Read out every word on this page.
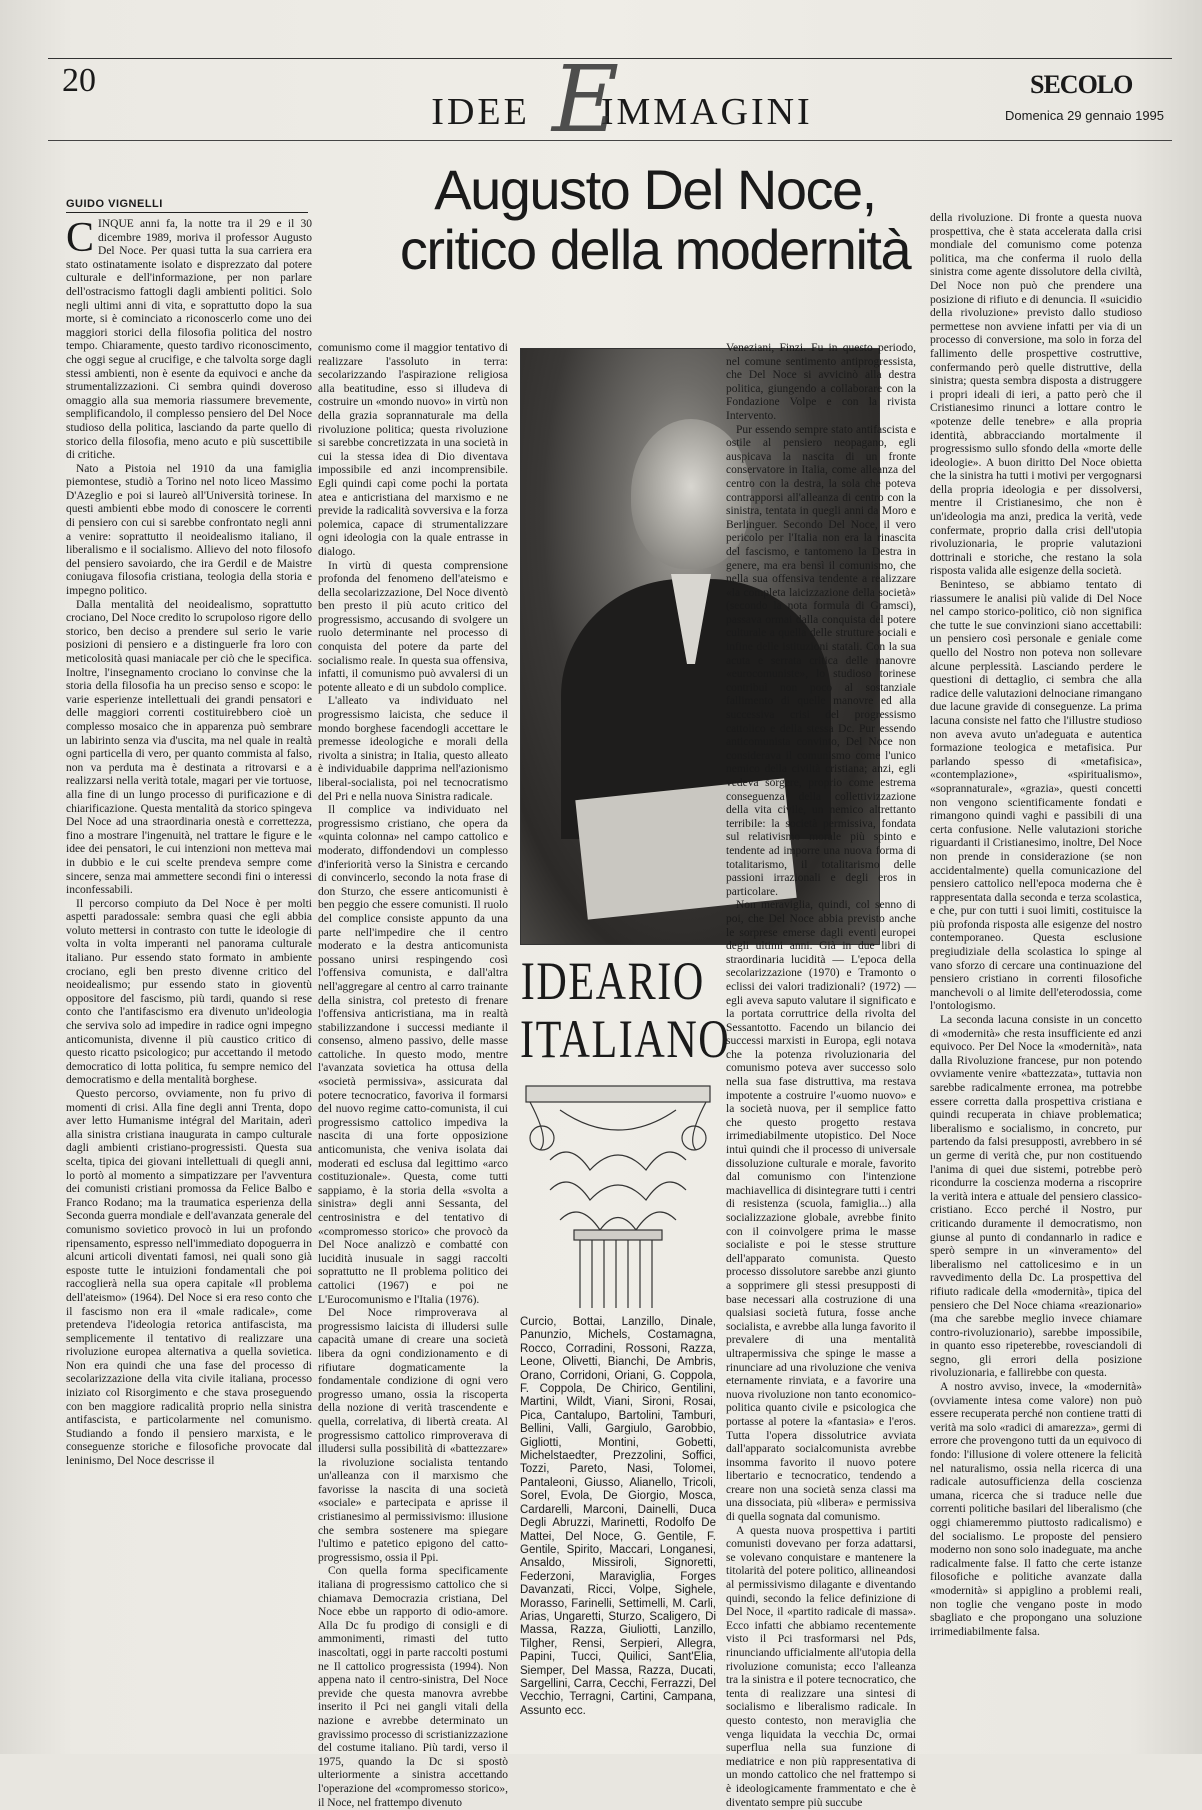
20
IDEE IMMAGINI
E	SECOLO
Domenica 29 gennaio 1995
Augusto Del Noce,
critico della modernità
GUIDO VIGNELLI

CINQUE anni fa, la notte tra il 29 e il 30 dicembre 1989, moriva il professor Augusto Del Noce. Per quasi tutta la sua carriera era stato ostinatamente isolato e disprezzato dal potere culturale e dell'informazione, per non parlare dell'ostracismo fattogli dagli ambienti politici. Solo negli ultimi anni di vita, e soprattutto dopo la sua morte, si è cominciato a riconoscerlo come uno dei maggiori storici della filosofia politica del nostro tempo. Chiaramente, questo tardivo riconoscimento, che oggi segue al crucifige, e che talvolta sorge dagli stessi ambienti, non è esente da equivoci e anche da strumentalizzazioni. Ci sembra quindi doveroso omaggio alla sua memoria riassumere brevemente, semplificandolo, il complesso pensiero del Del Noce studioso della politica, lasciando da parte quello di storico della filosofia, meno acuto e più suscettibile di critiche.

Nato a Pistoia nel 1910 da una famiglia piemontese, studiò a Torino nel noto liceo Massimo D'Azeglio e poi si laureò all'Università torinese. In questi ambienti ebbe modo di conoscere le correnti di pensiero con cui si sarebbe confrontato negli anni a venire: soprattutto il neoidealismo italiano, il liberalismo e il socialismo. Allievo del noto filosofo del pensiero savoiardo, che ira Gerdil e de Maistre coniugava filosofia cristiana, teologia della storia e impegno politico.

Dalla mentalità del neoidealismo, soprattutto crociano, Del Noce credito lo scrupoloso rigore dello storico, ben deciso a prendere sul serio le varie posizioni di pensiero e a distinguerle fra loro con meticolosità quasi maniacale per ciò che le specifica. Inoltre, l'insegnamento crociano lo convinse che la storia della filosofia ha un preciso senso e scopo: le varie esperienze intellettuali dei grandi pensatori e delle maggiori correnti costituirebbero cioè un complesso mosaico che in apparenza può sembrare un labirinto senza via d'uscita, ma nel quale in realtà ogni particella di vero, per quanto commista al falso, non va perduta ma è destinata a ritrovarsi e a realizzarsi nella verità totale, magari per vie tortuose, alla fine di un lungo processo di purificazione e di chiarificazione. Questa mentalità da storico spingeva Del Noce ad una straordinaria onestà e correttezza, fino a mostrare l'ingenuità, nel trattare le figure e le idee dei pensatori, le cui intenzioni non metteva mai in dubbio e le cui scelte prendeva sempre come sincere, senza mai ammettere secondi fini o interessi inconfessabili.

Il percorso compiuto da Del Noce è per molti aspetti paradossale: sembra quasi che egli abbia voluto mettersi in contrasto con tutte le ideologie di volta in volta imperanti nel panorama culturale italiano. Pur essendo stato formato in ambiente crociano, egli ben presto divenne critico del neoidealismo; pur essendo stato in gioventù oppositore del fascismo, più tardi, quando si rese conto che l'antifascismo era divenuto un'ideologia che serviva solo ad impedire in radice ogni impegno anticomunista, divenne il più caustico critico di questo ricatto psicologico; pur accettando il metodo democratico di lotta politica, fu sempre nemico del democratismo e della mentalità borghese.

Questo percorso, ovviamente, non fu privo di momenti di crisi. Alla fine degli anni Trenta, dopo aver letto Humanisme intégral del Maritain, aderì alla sinistra cristiana inaugurata in campo culturale dagli ambienti cristiano-progressisti. Questa sua scelta, tipica dei giovani intellettuali di quegli anni, lo portò al momento a simpatizzare per l'avventura dei comunisti cristiani promossa da Felice Balbo e Franco Rodano; ma la traumatica esperienza della Seconda guerra mondiale e dell'avanzata generale del comunismo sovietico provocò in lui un profondo ripensamento, espresso nell'immediato dopoguerra in alcuni articoli diventati famosi, nei quali sono già esposte tutte le intuizioni fondamentali che poi raccoglierà nella sua opera capitale «Il problema dell'ateismo» (1964). Del Noce si era reso conto che il fascismo non era il «male radicale», come pretendeva l'ideologia retorica antifascista, ma semplicemente il tentativo di realizzare una rivoluzione europea alternativa a quella sovietica. Non era quindi che una fase del processo di secolarizzazione della vita civile italiana, processo iniziato col Risorgimento e che stava proseguendo con ben maggiore radicalità proprio nella sinistra antifascista, e particolarmente nel comunismo. Studiando a fondo il pensiero marxista, e le conseguenze storiche e filosofiche provocate dal leninismo, Del Noce descrisse il

comunismo come il maggior tentativo di realizzare l'assoluto in terra: secolarizzando l'aspirazione religiosa alla beatitudine, esso si illudeva di costruire un «mondo nuovo» in virtù non della grazia soprannaturale ma della rivoluzione politica; questa rivoluzione si sarebbe concretizzata in una società in cui la stessa idea di Dio diventava impossibile ed anzi incomprensibile. Egli quindi capì come pochi la portata atea e anticristiana del marxismo e ne previde la radicalità sovversiva e la forza polemica, capace di strumentalizzare ogni ideologia con la quale entrasse in dialogo.

In virtù di questa comprensione profonda del fenomeno dell'ateismo e della secolarizzazione, Del Noce diventò ben presto il più acuto critico del progressismo, accusando di svolgere un ruolo determinante nel processo di conquista del potere da parte del socialismo reale. In questa sua offensiva, infatti, il comunismo può avvalersi di un potente alleato e di un subdolo complice.

L'alleato va individuato nel progressismo laicista, che seduce il mondo borghese facendogli accettare le premesse ideologiche e morali della rivolta a sinistra; in Italia, questo alleato è individuabile dapprima nell'azionismo liberal-socialista, poi nel tecnocratismo del Pri e nella nuova Sinistra radicale.

Il complice va individuato nel progressismo cristiano, che opera da «quinta colonna» nel campo cattolico e moderato, diffondendovi un complesso d'inferiorità verso la Sinistra e cercando di convincerlo, secondo la nota frase di don Sturzo, che essere anticomunisti è ben peggio che essere comunisti. Il ruolo del complice consiste appunto da una parte nell'impedire che il centro moderato e la destra anticomunista possano unirsi respingendo così l'offensiva comunista, e dall'altra nell'aggregare al centro al carro trainante della sinistra, col pretesto di frenare l'offensiva anticristiana, ma in realtà stabilizzandone i successi mediante il consenso, almeno passivo, delle masse cattoliche. In questo modo, mentre l'avanzata sovietica ha ottusa della «società permissiva», assicurata dal potere tecnocratico, favoriva il formarsi del nuovo regime catto-comunista, il cui progressismo cattolico impediva la nascita di una forte opposizione anticomunista, che veniva isolata dai moderati ed esclusa dal legittimo «arco costituzionale». Questa, come tutti sappiamo, è la storia della «svolta a sinistra» degli anni Sessanta, del centrosinistra e del tentativo di «compromesso storico» che provocò da Del Noce analizzò e combatté con lucidità inusuale in saggi raccolti soprattutto ne Il problema politico dei cattolici (1967) e poi ne L'Eurocomunismo e l'Italia (1976).

Del Noce rimproverava al progressismo laicista di illudersi sulle capacità umane di creare una società libera da ogni condizionamento e di rifiutare dogmaticamente la fondamentale condizione di ogni vero progresso umano, ossia la riscoperta della nozione di verità trascendente e quella, correlativa, di libertà creata. Al progressismo cattolico rimproverava di illudersi sulla possibilità di «battezzare» la rivoluzione socialista tentando un'alleanza con il marxismo che favorisse la nascita di una società «sociale» e partecipata e aprisse il cristianesimo al permissivismo: illusione che sembra sostenere ma spiegare l'ultimo e patetico epigono del catto-progressismo, ossia il Ppi.

Con quella forma specificamente italiana di progressismo cattolico che si chiamava Democrazia cristiana, Del Noce ebbe un rapporto di odio-amore. Alla Dc fu prodigo di consigli e di ammonimenti, rimasti del tutto inascoltati, oggi in parte raccolti postumi ne Il cattolico progressista (1994). Non appena nato il centro-sinistra, Del Noce previde che questa manovra avrebbe inserito il Pci nei gangli vitali della nazione e avrebbe determinato un gravissimo processo di scristianizzazione del costume italiano. Più tardi, verso il 1975, quando la Dc si spostò ulteriormente a sinistra accettando l'operazione del «compromesso storico», il Noce, nel frattempo divenuto

Veneziani, Finzi. Fu in questo periodo, nel comune sentimento antiprogressista, che Del Noce si avvicinò alla destra politica, giungendo a collaborare con la Fondazione Volpe e con la rivista Intervento.

Pur essendo sempre stato antifascista e ostile al pensiero neopagano, egli auspicava la nascita di un fronte conservatore in Italia, come alleanza del centro con la destra, la sola che poteva contrapporsi all'alleanza di centro con la sinistra, tentata in quegli anni da Moro e Berlinguer. Secondo Del Noce, il vero pericolo per l'Italia non era la rinascita del fascismo, e tantomeno la Destra in genere, ma era bensì il comunismo, che nella sua offensiva tendente a realizzare «la completa laicizzazione della società» (secondo la nota formula di Gramsci), passava ormai dalla conquista del potere culturale a quella delle strutture sociali e infine delle istituzioni statali. Con la sua acuta e serrata critica delle manovre «eurocomuniste», lo studioso torinese contribuì non poco al sostanziale fallimento di quelle manovre ed alla successiva crisi del progressismo cattolico e della stessa Dc. Pur essendo anticomunista convinto, Del Noce non considerava il comunismo come l'unico nemico della civiltà cristiana; anzi, egli vedeva sorgere, proprio come estrema conseguenza della collettivizzazione della vita civile, un nemico altrettanto terribile: la società permissiva, fondata sul relativismo morale più spinto e tendente ad imporre una nuova forma di totalitarismo, il totalitarismo delle passioni irrazionali e degli eros in particolare.

Non meraviglia, quindi, col senno di poi, che Del Noce abbia previsto anche le sorprese emerse dagli eventi europei degli ultimi anni. Già in due libri di straordinaria lucidità — L'epoca della secolarizzazione (1970) e Tramonto o eclissi dei valori tradizionali? (1972) — egli aveva saputo valutare il significato e la portata corruttrice della rivolta del Sessantotto. Facendo un bilancio dei successi marxisti in Europa, egli notava che la potenza rivoluzionaria del comunismo poteva aver successo solo nella sua fase distruttiva, ma restava impotente a costruire l'«uomo nuovo» e la società nuova, per il semplice fatto che questo progetto restava irrimediabilmente utopistico. Del Noce intuì quindi che il processo di universale dissoluzione culturale e morale, favorito dal comunismo con l'intenzione machiavellica di disintegrare tutti i centri di resistenza (scuola, famiglia...) alla socializzazione globale, avrebbe finito con il coinvolgere prima le masse socialiste e poi le stesse strutture dell'apparato comunista. Questo processo dissolutore sarebbe anzi giunto a sopprimere gli stessi presupposti di base necessari alla costruzione di una qualsiasi società futura, fosse anche socialista, e avrebbe alla lunga favorito il prevalere di una mentalità ultrapermissiva che spinge le masse a rinunciare ad una rivoluzione che veniva eternamente rinviata, e a favorire una nuova rivoluzione non tanto economico-politica quanto civile e psicologica che portasse al potere la «fantasia» e l'eros. Tutta l'opera dissolutrice avviata dall'apparato socialcomunista avrebbe insomma favorito il nuovo potere libertario e tecnocratico, tendendo a creare non una società senza classi ma una dissociata, più «libera» e permissiva di quella sognata dal comunismo.

A questa nuova prospettiva i partiti comunisti dovevano per forza adattarsi, se volevano conquistare e mantenere la titolarità del potere politico, allineandosi al permissivismo dilagante e diventando quindi, secondo la felice definizione di Del Noce, il «partito radicale di massa». Ecco infatti che abbiamo recentemente visto il Pci trasformarsi nel Pds, rinunciando ufficialmente all'utopia della rivoluzione comunista; ecco l'alleanza tra la sinistra e il potere tecnocratico, che tenta di realizzare una sintesi di socialismo e liberalismo radicale. In questo contesto, non meraviglia che venga liquidata la vecchia Dc, ormai superflua nella sua funzione di mediatrice e non più rappresentativa di un mondo cattolico che nel frattempo si è ideologicamente frammentato e che è diventato sempre più succube

della rivoluzione. Di fronte a questa nuova prospettiva, che è stata accelerata dalla crisi mondiale del comunismo come potenza politica, ma che conferma il ruolo della sinistra come agente dissolutore della civiltà, Del Noce non può che prendere una posizione di rifiuto e di denuncia. Il «suicidio della rivoluzione» previsto dallo studioso permettese non avviene infatti per via di un processo di conversione, ma solo in forza del fallimento delle prospettive costruttive, confermando però quelle distruttive, della sinistra; questa sembra disposta a distruggere i propri ideali di ieri, a patto però che il Cristianesimo rinunci a lottare contro le «potenze delle tenebre» e alla propria identità, abbracciando mortalmente il progressismo sullo sfondo della «morte delle ideologie». A buon diritto Del Noce obietta che la sinistra ha tutti i motivi per vergognarsi della propria ideologia e per dissolversi, mentre il Cristianesimo, che non è un'ideologia ma anzi, predica la verità, vede confermate, proprio dalla crisi dell'utopia rivoluzionaria, le proprie valutazioni dottrinali e storiche, che restano la sola risposta valida alle esigenze della società.

Beninteso, se abbiamo tentato di riassumere le analisi più valide di Del Noce nel campo storico-politico, ciò non significa che tutte le sue convinzioni siano accettabili: un pensiero così personale e geniale come quello del Nostro non poteva non sollevare alcune perplessità. Lasciando perdere le questioni di dettaglio, ci sembra che alla radice delle valutazioni delnociane rimangano due lacune gravide di conseguenze. La prima lacuna consiste nel fatto che l'illustre studioso non aveva avuto un'adeguata e autentica formazione teologica e metafisica. Pur parlando spesso di «metafisica», «contemplazione», «spiritualismo», «soprannaturale», «grazia», questi concetti non vengono scientificamente fondati e rimangono quindi vaghi e passibili di una certa confusione. Nelle valutazioni storiche riguardanti il Cristianesimo, inoltre, Del Noce non prende in considerazione (se non accidentalmente) quella comunicazione del pensiero cattolico nell'epoca moderna che è rappresentata dalla seconda e terza scolastica, e che, pur con tutti i suoi limiti, costituisce la più profonda risposta alle esigenze del nostro contemporaneo. Questa esclusione pregiudiziale della scolastica lo spinge al vano sforzo di cercare una continuazione del pensiero cristiano in correnti filosofiche manchevoli o al limite dell'eterodossia, come l'ontologismo.

La seconda lacuna consiste in un concetto di «modernità» che resta insufficiente ed anzi equivoco. Per Del Noce la «modernità», nata dalla Rivoluzione francese, pur non potendo ovviamente venire «battezzata», tuttavia non sarebbe radicalmente erronea, ma potrebbe essere corretta dalla prospettiva cristiana e quindi recuperata in chiave problematica; liberalismo e socialismo, in concreto, pur partendo da falsi presupposti, avrebbero in sé un germe di verità che, pur non costituendo l'anima di quei due sistemi, potrebbe però ricondurre la coscienza moderna a riscoprire la verità intera e attuale del pensiero classico-cristiano. Ecco perché il Nostro, pur criticando duramente il democratismo, non giunse al punto di condannarlo in radice e sperò sempre in un «inveramento» del liberalismo nel cattolicesimo e in un ravvedimento della Dc. La prospettiva del rifiuto radicale della «modernità», tipica del pensiero che Del Noce chiama «reazionario» (ma che sarebbe meglio invece chiamare contro-rivoluzionario), sarebbe impossibile, in quanto esso ripeterebbe, rovesciandoli di segno, gli errori della posizione rivoluzionaria, e fallirebbe con questa.

A nostro avviso, invece, la «modernità» (ovviamente intesa come valore) non può essere recuperata perché non contiene tratti di verità ma solo «radici di amarezza», germi di errore che provengono tutti da un equivoco di fondo: l'illusione di volere ottenere la felicità nel naturalismo, ossia nella ricerca di una radicale autosufficienza della coscienza umana, ricerca che si traduce nelle due correnti politiche basilari del liberalismo (che oggi chiameremmo piuttosto radicalismo) e del socialismo. Le proposte del pensiero moderno non sono solo inadeguate, ma anche radicalmente false. Il fatto che certe istanze filosofiche e politiche avanzate dalla «modernità» si appiglino a problemi reali, non toglie che vengano poste in modo sbagliato e che propongano una soluzione irrimediabilmente falsa.

IDEARIO
ITALIANO
Curcio, Bottai, Lanzillo, Dinale, Panunzio, Michels, Costamagna, Rocco, Corradini, Rossoni, Razza, Leone, Olivetti, Bianchi, De Ambris, Orano, Corridoni, Oriani, G. Coppola, F. Coppola, De Chirico, Gentilini, Martini, Wildt, Viani, Sironi, Rosai, Pica, Cantalupo, Bartolini, Tamburi, Bellini, Valli, Gargiulo, Garobbio, Gigliotti, Montini, Gobetti, Michelstaedter, Prezzolini, Soffici, Tozzi, Pareto, Nasi, Tolomei, Pantaleoni, Giusso, Alianello, Tricoli, Sorel, Evola, De Giorgio, Mosca, Cardarelli, Marconi, Dainelli, Duca Degli Abruzzi, Marinetti, Rodolfo De Mattei, Del Noce, G. Gentile, F. Gentile, Spirito, Maccari, Longanesi, Ansaldo, Missiroli, Signoretti, Federzoni, Maraviglia, Forges Davanzati, Ricci, Volpe, Sighele, Morasso, Farinelli, Settimelli, M. Carli, Arias, Ungaretti, Sturzo, Scaligero, Di Massa, Razza, Giuliotti, Lanzillo, Tilgher, Rensi, Serpieri, Allegra, Papini, Tucci, Quilici, Sant'Elia, Siemper, Del Massa, Razza, Ducati, Sargellini, Carra, Cecchi, Ferrazzi, Del Vecchio, Terragni, Cartini, Campana, Assunto ecc.
